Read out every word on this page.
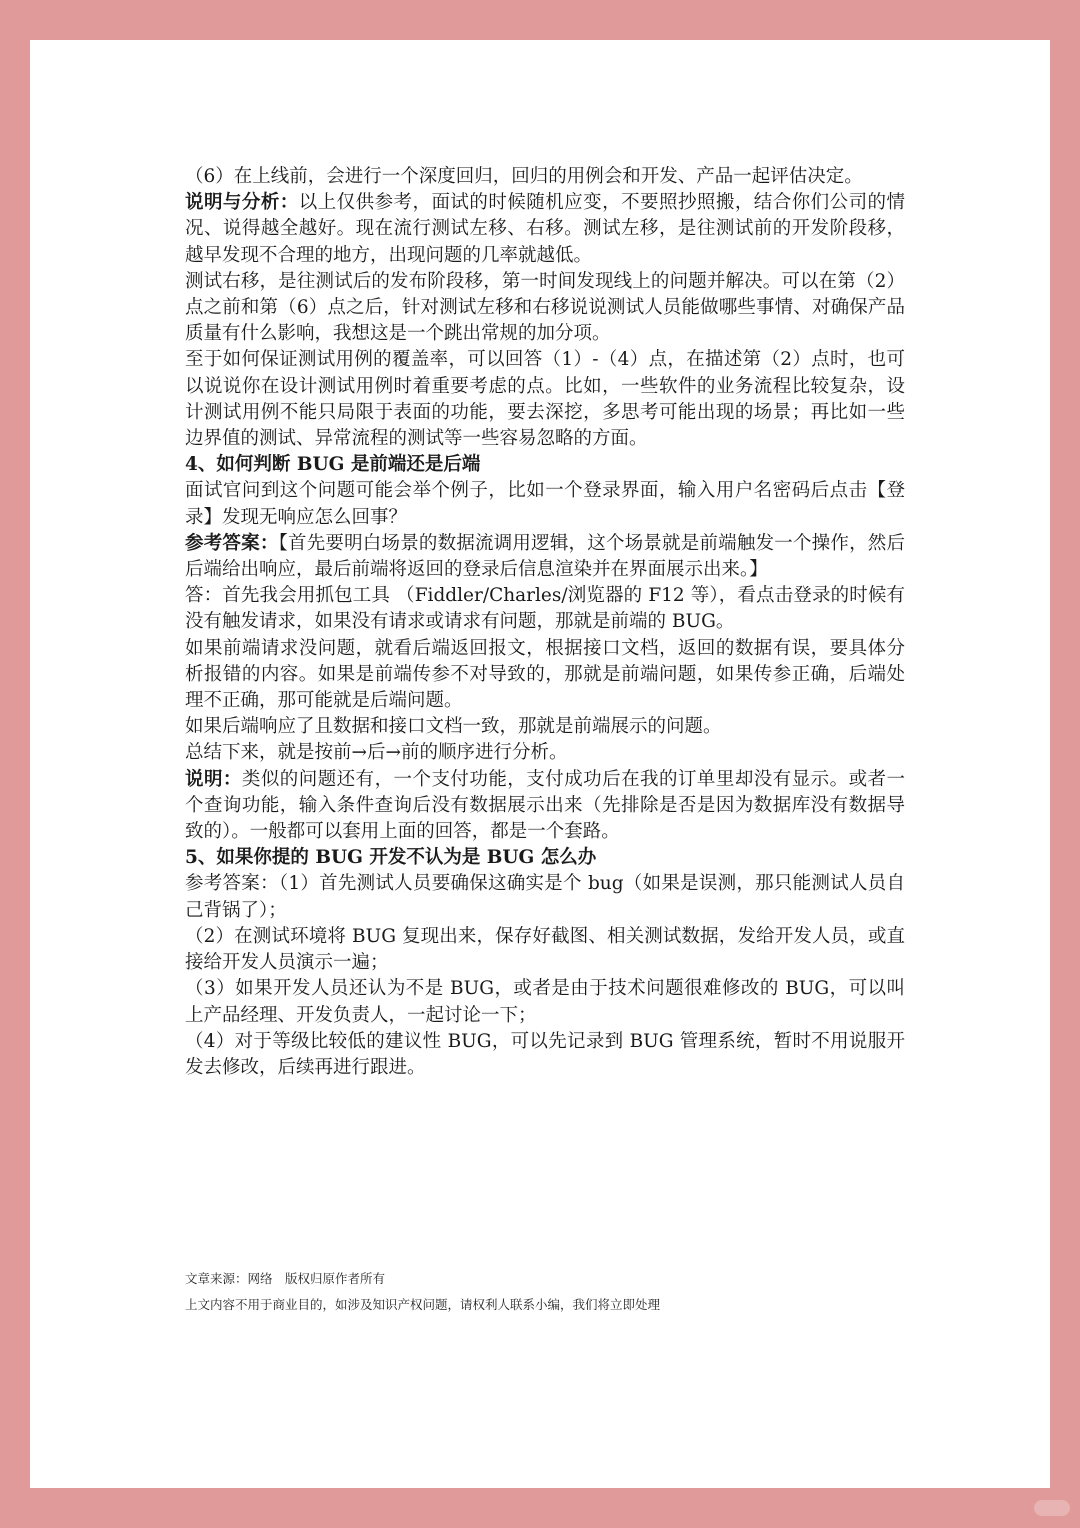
（6）在上线前，会进行一个深度回归，回归的用例会和开发、产品一起评估决定。

说明与分析：以上仅供参考，面试的时候随机应变，不要照抄照搬，结合你们公司的情况、说得越全越好。现在流行测试左移、右移。测试左移，是往测试前的开发阶段移，越早发现不合理的地方，出现问题的几率就越低。

测试右移，是往测试后的发布阶段移，第一时间发现线上的问题并解决。可以在第（2）点之前和第（6）点之后，针对测试左移和右移说说测试人员能做哪些事情、对确保产品质量有什么影响，我想这是一个跳出常规的加分项。

至于如何保证测试用例的覆盖率，可以回答（1）-（4）点，在描述第（2）点时，也可以说说你在设计测试用例时着重要考虑的点。比如，一些软件的业务流程比较复杂，设计测试用例不能只局限于表面的功能，要去深挖，多思考可能出现的场景；再比如一些边界值的测试、异常流程的测试等一些容易忽略的方面。

4、如何判断 BUG 是前端还是后端

面试官问到这个问题可能会举个例子，比如一个登录界面，输入用户名密码后点击【登录】发现无响应怎么回事？

参考答案：【首先要明白场景的数据流调用逻辑，这个场景就是前端触发一个操作，然后后端给出响应，最后前端将返回的登录后信息渲染并在界面展示出来。】

答：首先我会用抓包工具 （Fiddler/Charles/浏览器的 F12 等），看点击登录的时候有没有触发请求，如果没有请求或请求有问题，那就是前端的 BUG。

如果前端请求没问题，就看后端返回报文，根据接口文档，返回的数据有误，要具体分析报错的内容。如果是前端传参不对导致的，那就是前端问题，如果传参正确，后端处理不正确，那可能就是后端问题。

如果后端响应了且数据和接口文档一致，那就是前端展示的问题。

总结下来，就是按前→后→前的顺序进行分析。

说明：类似的问题还有，一个支付功能，支付成功后在我的订单里却没有显示。或者一个查询功能，输入条件查询后没有数据展示出来（先排除是否是因为数据库没有数据导致的）。一般都可以套用上面的回答，都是一个套路。

5、如果你提的 BUG 开发不认为是 BUG 怎么办

参考答案：（1）首先测试人员要确保这确实是个 bug（如果是误测，那只能测试人员自己背锅了）；

（2）在测试环境将 BUG 复现出来，保存好截图、相关测试数据，发给开发人员，或直接给开发人员演示一遍；

（3）如果开发人员还认为不是 BUG，或者是由于技术问题很难修改的 BUG，可以叫上产品经理、开发负责人，一起讨论一下；

（4）对于等级比较低的建议性 BUG，可以先记录到 BUG 管理系统，暂时不用说服开发去修改，后续再进行跟进。

文章来源：网络　版权归原作者所有

上文内容不用于商业目的，如涉及知识产权问题，请权利人联系小编，我们将立即处理
